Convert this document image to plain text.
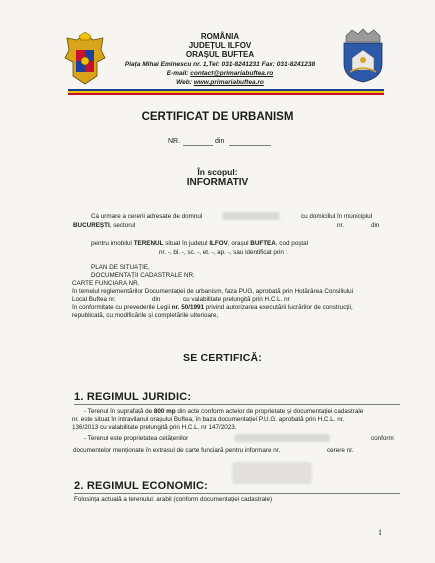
ROMÂNIA
JUDEȚUL ILFOV
ORAȘUL BUFTEA
Piața Mihai Eminescu nr. 1,Tel: 031-8241231 Fax: 031-8241238
E-mail: contact@primariabuftea.ro
Web: www.primariabuftea.ro
CERTIFICAT DE URBANISM
NR.	din
În scopul:
INFORMATIV
Ca urmare a cererii adresate de domnul	cu domiciliul în municipiul
BUCUREȘTI, sectorul	nr.	din
pentru imobilul TERENUL situat în județul ILFOV, orașul BUFTEA, cod poștal
nr. -, bl. -, sc. -, et. -, ap. -, sau identificat prin :
PLAN DE SITUAȚIE,
DOCUMENTAȚII CADASTRALE NR.
CARTE FUNCIARA NR.
în temeiul reglementărilor Documentației de urbanism, faza PUG, aprobată prin Hotărârea Consiliului
Local Buftea nr.	din	cu valabilitate prelungită prin H.C.L. nr
în conformitate cu prevederile Legii nr. 50/1991 privind autorizarea executării lucrărilor de construcții,
republicată, cu modificările și completările ulterioare,
SE CERTIFICĂ:
1. REGIMUL JURIDIC:
- Terenul în suprafață de 800 mp din acte conform actelor de proprietate și documentației cadastrale
nr. este situat în intravilanul orașului Buftea, în baza documentației P.U.G. aprobată prin H.C.L. nr.
136/2013 cu valabilitate prelungită prin H.C.L. nr 147/2023.
- Terenul este proprietatea cetățenilor	conform
documentelor menționate în extrasul de carte funciară pentru informare nr.	cerere nr.
2. REGIMUL ECONOMIC:
Folosința actuală a terenului: arabil (conform documentației cadastrale)
1
